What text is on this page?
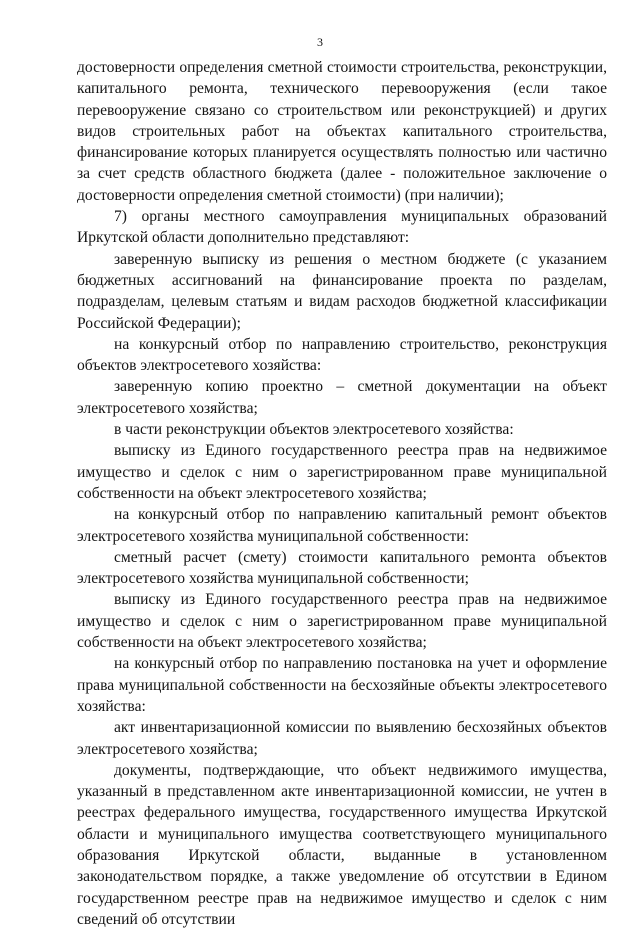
3

достоверности определения сметной стоимости строительства, реконструкции, капитального ремонта, технического перевооружения (если такое перевооружение связано со строительством или реконструкцией) и других видов строительных работ на объектах капитального строительства, финансирование которых планируется осуществлять полностью или частично за счет средств областного бюджета (далее - положительное заключение о достоверности определения сметной стоимости) (при наличии);

7) органы местного самоуправления муниципальных образований Иркутской области дополнительно представляют:

заверенную выписку из решения о местном бюджете (с указанием бюджетных ассигнований на финансирование проекта по разделам, подразделам, целевым статьям и видам расходов бюджетной классификации Российской Федерации);

на конкурсный отбор по направлению строительство, реконструкция объектов электросетевого хозяйства:

заверенную копию проектно – сметной документации на объект электросетевого хозяйства;

в части реконструкции объектов электросетевого хозяйства:

выписку из Единого государственного реестра прав на недвижимое имущество и сделок с ним о зарегистрированном праве муниципальной собственности на объект электросетевого хозяйства;

на конкурсный отбор по направлению капитальный ремонт объектов электросетевого хозяйства муниципальной собственности:

сметный расчет (смету) стоимости капитального ремонта объектов электросетевого хозяйства муниципальной собственности;

выписку из Единого государственного реестра прав на недвижимое имущество и сделок с ним о зарегистрированном праве муниципальной собственности на объект электросетевого хозяйства;

на конкурсный отбор по направлению постановка на учет и оформление права муниципальной собственности на бесхозяйные объекты электросетевого хозяйства:

акт инвентаризационной комиссии по выявлению бесхозяйных объектов электросетевого хозяйства;

документы, подтверждающие, что объект недвижимого имущества, указанный в представленном акте инвентаризационной комиссии, не учтен в реестрах федерального имущества, государственного имущества Иркутской области и муниципального имущества соответствующего муниципального образования Иркутской области, выданные в установленном законодательством порядке, а также уведомление об отсутствии в Едином государственном реестре прав на недвижимое имущество и сделок с ним сведений об отсутствии
